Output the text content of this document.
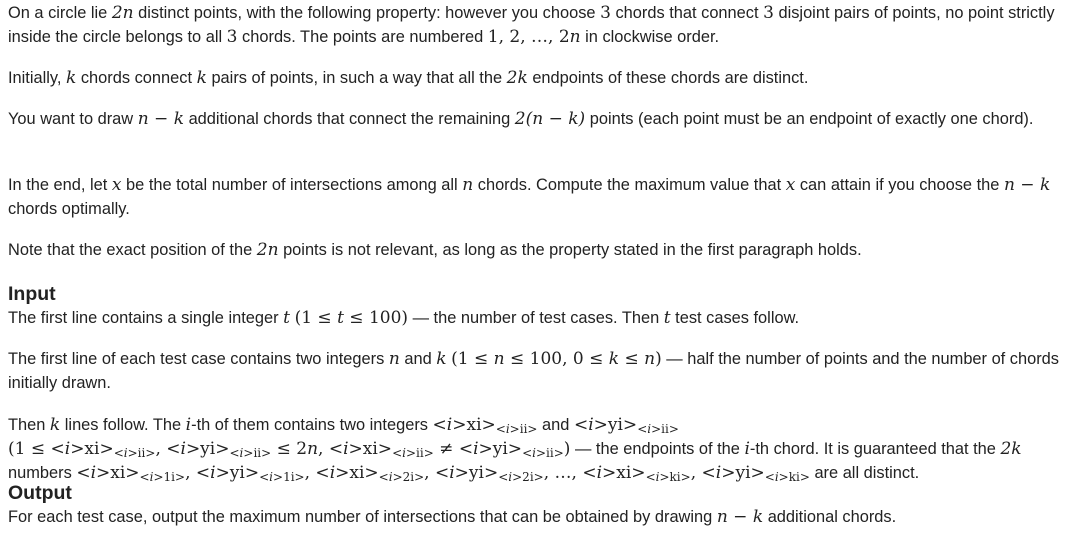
On a circle lie 2n distinct points, with the following property: however you choose 3 chords that connect 3 disjoint pairs of points, no point strictly inside the circle belongs to all 3 chords. The points are numbered 1, 2, …, 2n in clockwise order.

Initially, k chords connect k pairs of points, in such a way that all the 2k endpoints of these chords are distinct.

You want to draw n − k additional chords that connect the remaining 2(n − k) points (each point must be an endpoint of exactly one chord).

In the end, let x be the total number of intersections among all n chords. Compute the maximum value that x can attain if you choose the n − k chords optimally.

Note that the exact position of the 2n points is not relevant, as long as the property stated in the first paragraph holds.

Input

The first line contains a single integer t (1 ≤ t ≤ 100) — the number of test cases. Then t test cases follow.

The first line of each test case contains two integers n and k (1 ≤ n ≤ 100, 0 ≤ k ≤ n) — half the number of points and the number of chords initially drawn.

Then k lines follow. The i-th of them contains two integers $<i>xi>_{<i>ii>}$ and $<i>yi>_{<i>ii>}$ ($1 \le <i>xi>_{<i>ii>}$, $<i>yi>_{<i>ii>} \le 2n$, $<i>xi>_{<i>ii>} \ne <i>yi>_{<i>ii>}$) — the endpoints of the i-th chord. It is guaranteed that the 2k numbers $<i>xi>_{<i>1i>}$, $<i>yi>_{<i>1i>}$, $<i>xi>_{<i>2i>}$, $<i>yi>_{<i>2i>}$, …, $<i>xi>_{<i>ki>}$, $<i>yi>_{<i>ki>}$ are all distinct.

Output

For each test case, output the maximum number of intersections that can be obtained by drawing n − k additional chords.
